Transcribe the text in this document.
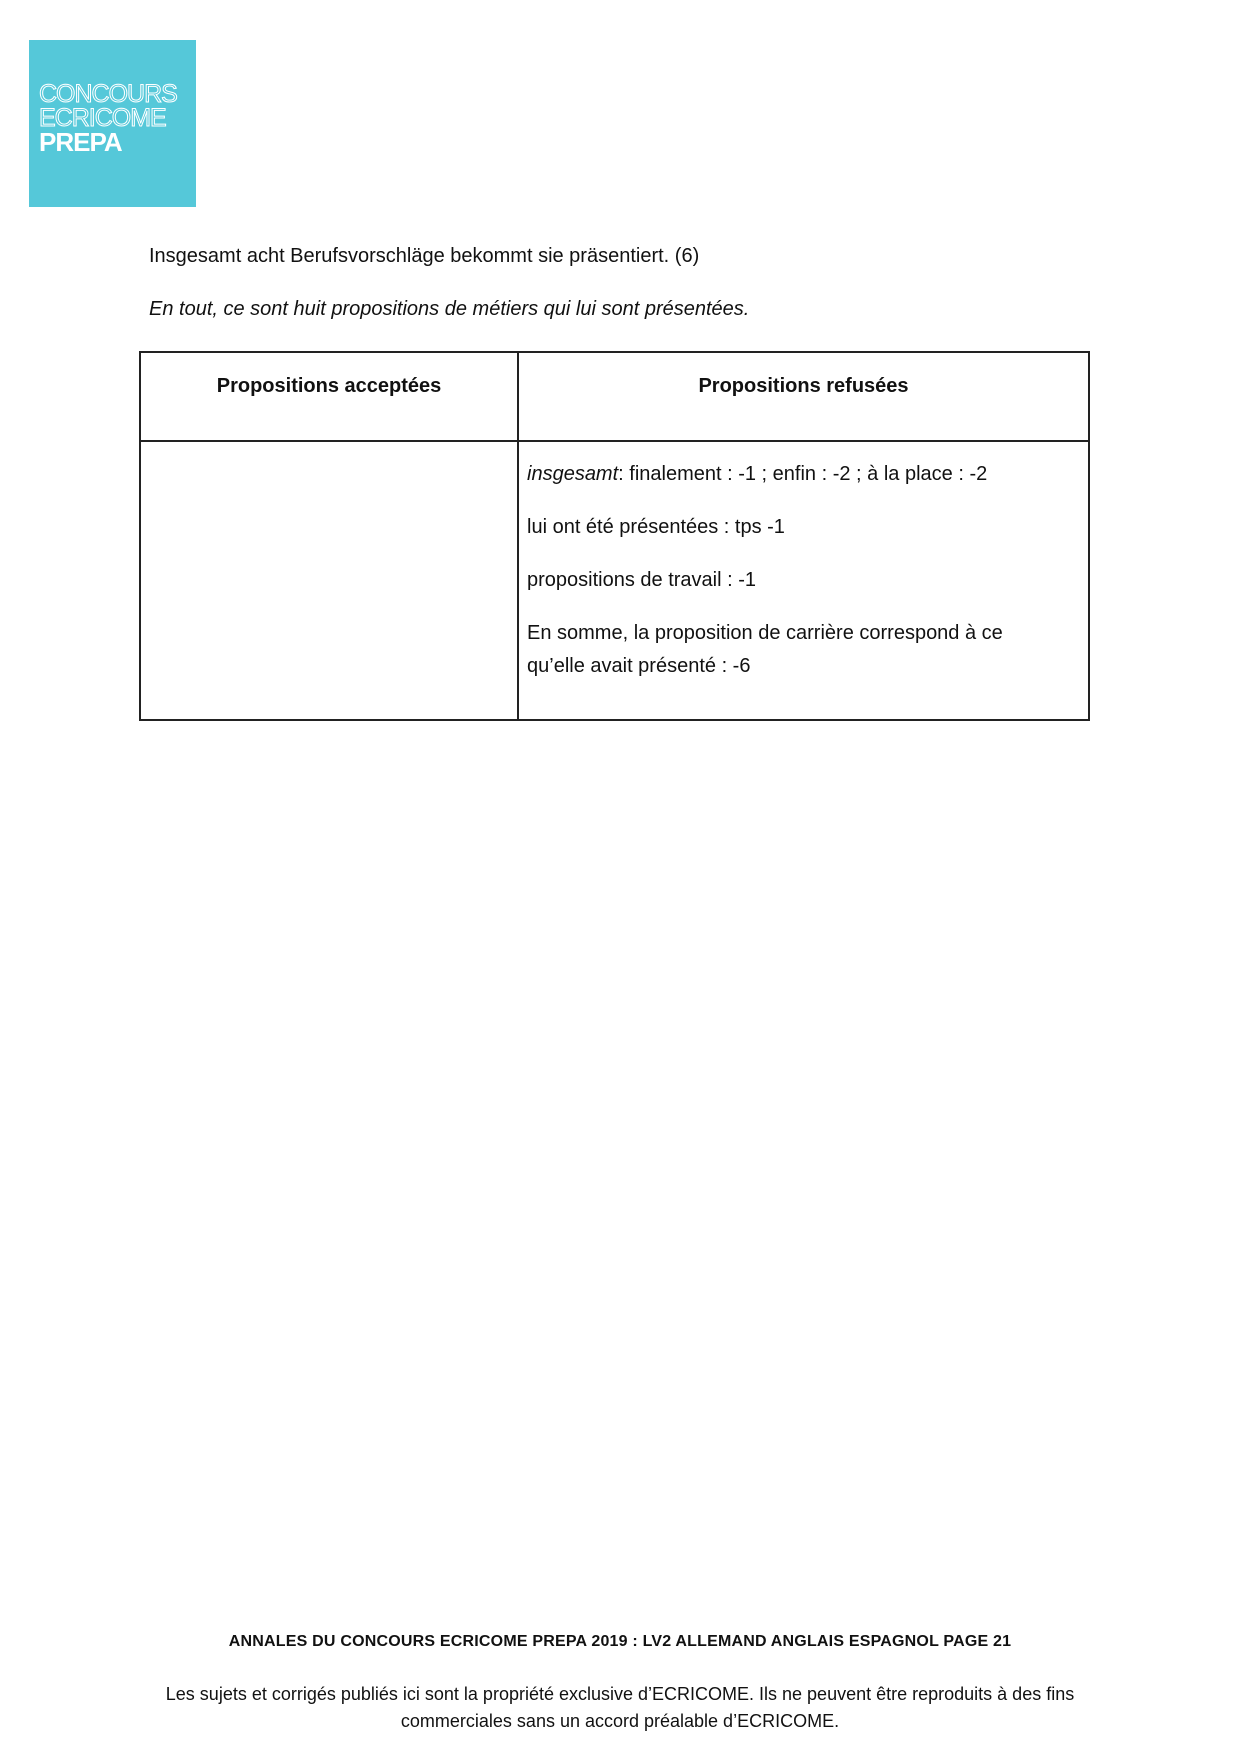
CONCOURS
ECRICOME
PREPA
Insgesamt acht Berufsvorschläge bekommt sie präsentiert. (6)
En tout, ce sont huit propositions de métiers qui lui sont présentées.
Propositions acceptées	Propositions refusées

	insgesamt: finalement : -1 ; enfin : -2 ; à la place : -2

lui ont été présentées : tps -1

propositions de travail : -1

En somme, la proposition de carrière correspond à ce qu’elle avait présenté : -6

ANNALES DU CONCOURS ECRICOME PREPA 2019 : LV2 ALLEMAND ANGLAIS ESPAGNOL PAGE 21
Les sujets et corrigés publiés ici sont la propriété exclusive d’ECRICOME. Ils ne peuvent être reproduits à des fins commerciales sans un accord préalable d’ECRICOME.
